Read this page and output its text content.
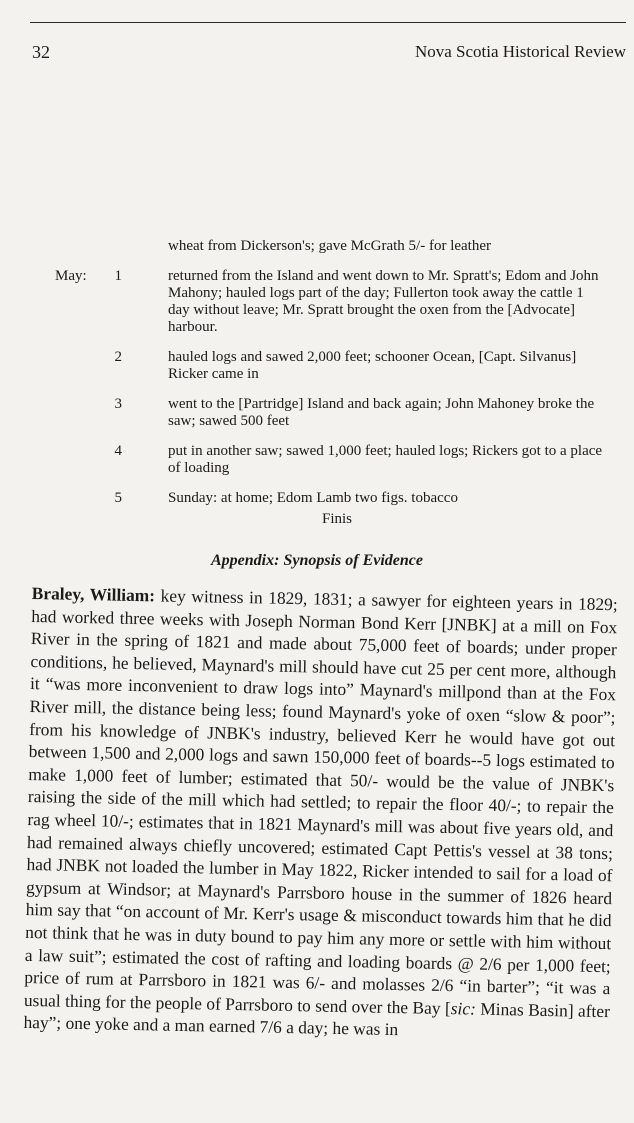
32	Nova Scotia Historical Review
wheat from Dickerson's; gave McGrath 5/- for leather
May: 1	returned from the Island and went down to Mr. Spratt's; Edom and John Mahony; hauled logs part of the day; Fullerton took away the cattle 1 day without leave; Mr. Spratt brought the oxen from the [Advocate] harbour.
2	hauled logs and sawed 2,000 feet; schooner Ocean, [Capt. Silvanus] Ricker came in
3	went to the [Partridge] Island and back again; John Mahoney broke the saw; sawed 500 feet
4	put in another saw; sawed 1,000 feet; hauled logs; Rickers got to a place of loading
5	Sunday: at home; Edom Lamb two figs. tobacco
Finis
Appendix: Synopsis of Evidence
Braley, William: key witness in 1829, 1831; a sawyer for eighteen years in 1829; had worked three weeks with Joseph Norman Bond Kerr [JNBK] at a mill on Fox River in the spring of 1821 and made about 75,000 feet of boards; under proper conditions, he believed, Maynard's mill should have cut 25 per cent more, although it “was more inconvenient to draw logs into” Maynard's millpond than at the Fox River mill, the distance being less; found Maynard's yoke of oxen “slow & poor”; from his knowledge of JNBK's industry, believed Kerr he would have got out between 1,500 and 2,000 logs and sawn 150,000 feet of boards--5 logs estimated to make 1,000 feet of lumber; estimated that 50/- would be the value of JNBK's raising the side of the mill which had settled; to repair the floor 40/-; to repair the rag wheel 10/-; estimates that in 1821 Maynard's mill was about five years old, and had remained always chiefly uncovered; estimated Capt Pettis's vessel at 38 tons; had JNBK not loaded the lumber in May 1822, Ricker intended to sail for a load of gypsum at Windsor; at Maynard's Parrsboro house in the summer of 1826 heard him say that “on account of Mr. Kerr's usage & misconduct towards him that he did not think that he was in duty bound to pay him any more or settle with him without a law suit”; estimated the cost of rafting and loading boards @ 2/6 per 1,000 feet; price of rum at Parrsboro in 1821 was 6/- and molasses 2/6 “in barter”; “it was a usual thing for the people of Parrsboro to send over the Bay [sic: Minas Basin] after hay”; one yoke and a man earned 7/6 a day; he was in
